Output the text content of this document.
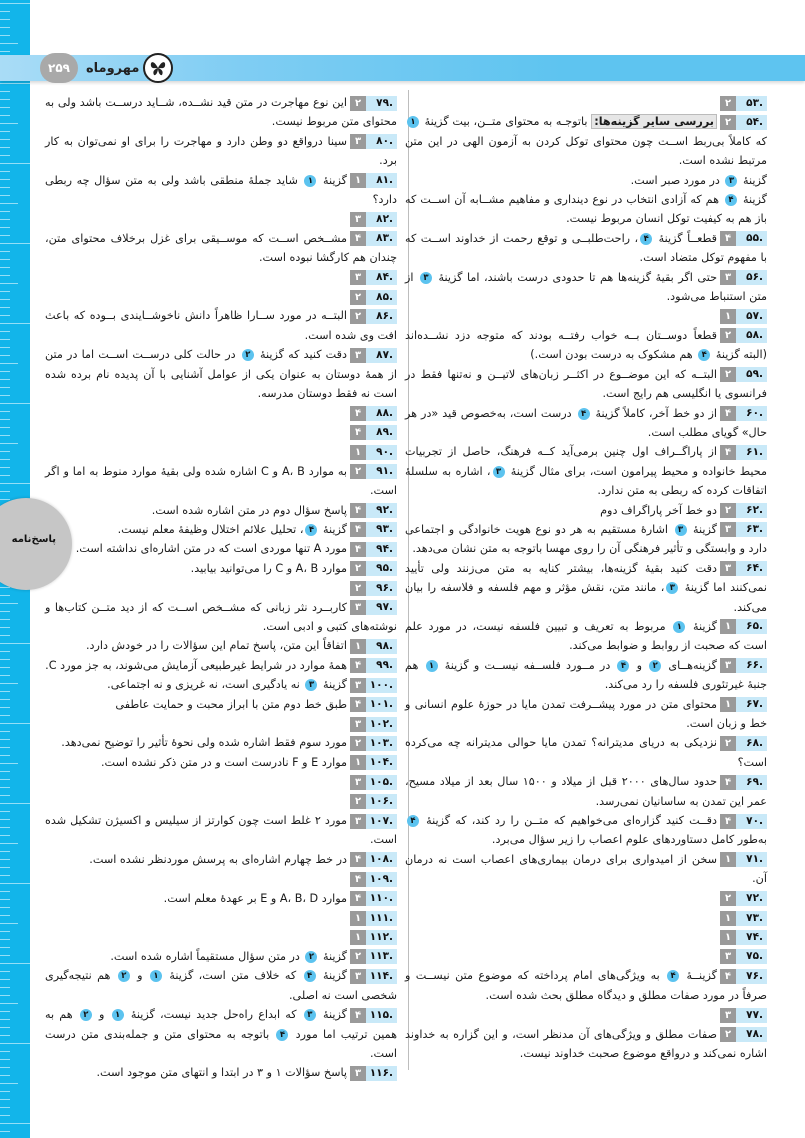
۲۵۹	مهروماه
پاسخ‌نامه

.۵۳
۲

.۵۴
۲
بررسی سایر گزینه‌ها: باتوجـه به محتوای متــن، بیت گزینهٔ ۱ که کاملاً بی‌ربط اســت چون محتوای توکل کردن به آزمون الهی در این متن مرتبط نشده است.

گزینهٔ ۳ در مورد صبر است.

گزینهٔ ۴ هم که آزادی انتخاب در نوع دینداری و مفاهیم مشــابه آن اســت که باز هم به کیفیت توکل انسان مربوط نیست.

.۵۵
۴
قطعــاً گزینهٔ ۴، راحت‌طلبــی و توقع رحمت از خداوند اســت که با مفهوم توکل متضاد است.

.۵۶
۳
حتی اگر بقیهٔ گزینه‌ها هم تا حدودی درست باشند، اما گزینهٔ ۳ از متن استنباط می‌شود.

.۵۷
۱

.۵۸
۲
قطعاً دوســتان بــه خواب رفتــه بودند که متوجه دزد نشــده‌اند (البته گزینهٔ ۴ هم مشکوک به درست بودن است.)

.۵۹
۲
البتــه که این موضــوع در اکثــر زبان‌های لاتیــن و نه‌تنها فقط در فرانسوی یا انگلیسی هم رایج است.

.۶۰
۴
از دو خط آخر، کاملاً گزینهٔ ۴ درست است، به‌خصوص قید «در هر حال» گویای مطلب است.

.۶۱
۴
از پاراگــراف اول چنین برمی‌آید کــه فرهنگ، حاصل از تجربیات محیط خانواده و محیط پیرامون است، برای مثال گزینهٔ ۳، اشاره به سلسلهٔ اتفاقات کرده که ربطی به متن ندارد.

.۶۲
۲
دو خط آخر پاراگراف دوم

.۶۳
۳
گزینهٔ ۳ اشارهٔ مستقیم به هر دو نوع هویت خانوادگی و اجتماعی دارد و وابستگی و تأثیر فرهنگی آن را روی مهسا باتوجه به متن نشان می‌دهد.

.۶۴
۳
دقت کنید بقیهٔ گزینه‌ها، بیشتر کنایه به متن می‌زنند ولی تأیید نمی‌کنند اما گزینهٔ ۳، مانند متن، نقش مؤثر و مهم فلسفه و فلاسفه را بیان می‌کند.

.۶۵
۱
گزینهٔ ۱ مربوط به تعریف و تبیین فلسفه نیست، در مورد علم است که صحبت از روابط و ضوابط می‌کند.

.۶۶
۳
گزینه‌هــای ۲ و ۴ در مــورد فلســفه نیســت و گزینهٔ ۱ هم جنبهٔ غیرتئوری فلسفه را رد می‌کند.

.۶۷
۱
محتوای متن در مورد پیشــرفت تمدن مایا در حوزهٔ علوم انسانی و خط و زبان است.

.۶۸
۲
نزدیکی به دریای مدیترانه؟ تمدن مایا حوالی مدیترانه چه می‌کرده است؟

.۶۹
۴
حدود سال‌های ۲۰۰۰ قبل از میلاد و ۱۵۰۰ سال بعد از میلاد مسیح، عمر این تمدن به ساسانیان نمی‌رسد.

.۷۰
۴
دقــت کنید گزاره‌ای می‌خواهیم که متــن را رد کند، که گزینهٔ ۴ به‌طور کامل دستاوردهای علوم اعصاب را زیر سؤال می‌برد.

.۷۱
۱
سخن از امیدواری برای درمان بیماری‌های اعصاب است نه درمان آن.

.۷۲
۲

.۷۳
۱

.۷۴
۱

.۷۵
۳

.۷۶
۴
گزینــهٔ ۴ به ویژگی‌های امام پرداخته که موضوع متن نیســت و صرفاً در مورد صفات مطلق و دیدگاه مطلق بحث شده است.

.۷۷
۳

.۷۸
۲
صفات مطلق و ویژگی‌های آن مدنظر است، و این گزاره به خداوند اشاره نمی‌کند و درواقع موضوع صحبت خداوند نیست.

.۷۹
۲
این نوع مهاجرت در متن قید نشــده، شــاید درســت باشد ولی به محتوای متن مربوط نیست.

.۸۰
۳
سینا درواقع دو وطن دارد و مهاجرت را برای او نمی‌توان به کار برد.

.۸۱
۱
گزینهٔ ۱ شاید جملهٔ منطقی باشد ولی به متن سؤال چه ربطی دارد؟

.۸۲
۳

.۸۳
۴
مشــخص اســت که موســیقی برای غزل برخلاف محتوای متن، چندان هم کارگشا نبوده است.

.۸۴
۳

.۸۵
۲

.۸۶
۲
البتــه در مورد ســارا ظاهراً دانش ناخوشــایندی بــوده که باعث افت وی شده است.

.۸۷
۳
دقت کنید که گزینهٔ ۲ در حالت کلی درســت اســت اما در متن از همهٔ دوستان به عنوان یکی از عوامل آشنایی با آن پدیده نام برده شده است نه فقط دوستان مدرسه.

.۸۸
۴

.۸۹
۴

.۹۰
۱

.۹۱
۲
به موارد A، B و C اشاره شده ولی بقیهٔ موارد منوط به اما و اگر است.

.۹۲
۴
پاسخ سؤال دوم در متن اشاره شده است.

.۹۳
۴
گزینهٔ ۴، تحلیل علائم اختلال وظیفهٔ معلم نیست.

.۹۴
۴
مورد A تنها موردی است که در متن اشاره‌ای نداشته است.

.۹۵
۲
موارد A، B و C را می‌توانید بیابید.

.۹۶
۲

.۹۷
۳
کاربــرد نثر زبانی که مشــخص اســت که از دید متــن کتاب‌ها و نوشته‌های کتبی و ادبی است.

.۹۸
۱
اتفاقاً این متن، پاسخ تمام این سؤالات را در خودش دارد.

.۹۹
۴
همهٔ موارد در شرایط غیرطبیعی آزمایش می‌شوند، به جز مورد C.

.۱۰۰
۳
گزینهٔ ۳ نه یادگیری است، نه غریزی و نه اجتماعی.

.۱۰۱
۴
طبق خط دوم متن با ابراز محبت و حمایت عاطفی

.۱۰۲
۳

.۱۰۳
۲
مورد سوم فقط اشاره شده ولی نحوهٔ تأثیر را توضیح نمی‌دهد.

.۱۰۴
۱
موارد E و F نادرست است و در متن ذکر نشده است.

.۱۰۵
۳

.۱۰۶
۲

.۱۰۷
۳
مورد ۲ غلط است چون کوارتز از سیلیس و اکسیژن تشکیل شده است.

.۱۰۸
۴
در خط چهارم اشاره‌ای به پرسش موردنظر نشده است.

.۱۰۹
۴

.۱۱۰
۴
موارد A، B، D و E بر عهدهٔ معلم است.

.۱۱۱
۱

.۱۱۲
۱

.۱۱۳
۲
گزینهٔ ۲ در متن سؤال مستقیماً اشاره شده است.

.۱۱۴
۳
گزینهٔ ۴ که خلاف متن است، گزینهٔ ۱ و ۲ هم نتیجه‌گیری شخصی است نه اصلی.

.۱۱۵
۴
گزینهٔ ۳ که ابداع راه‌حل جدید نیست، گزینهٔ ۱ و ۲ هم به همین ترتیب اما مورد ۴ باتوجه به محتوای متن و جمله‌بندی متن درست است.

.۱۱۶
۳
پاسخ سؤالات ۱ و ۳ در ابتدا و انتهای متن موجود است.
